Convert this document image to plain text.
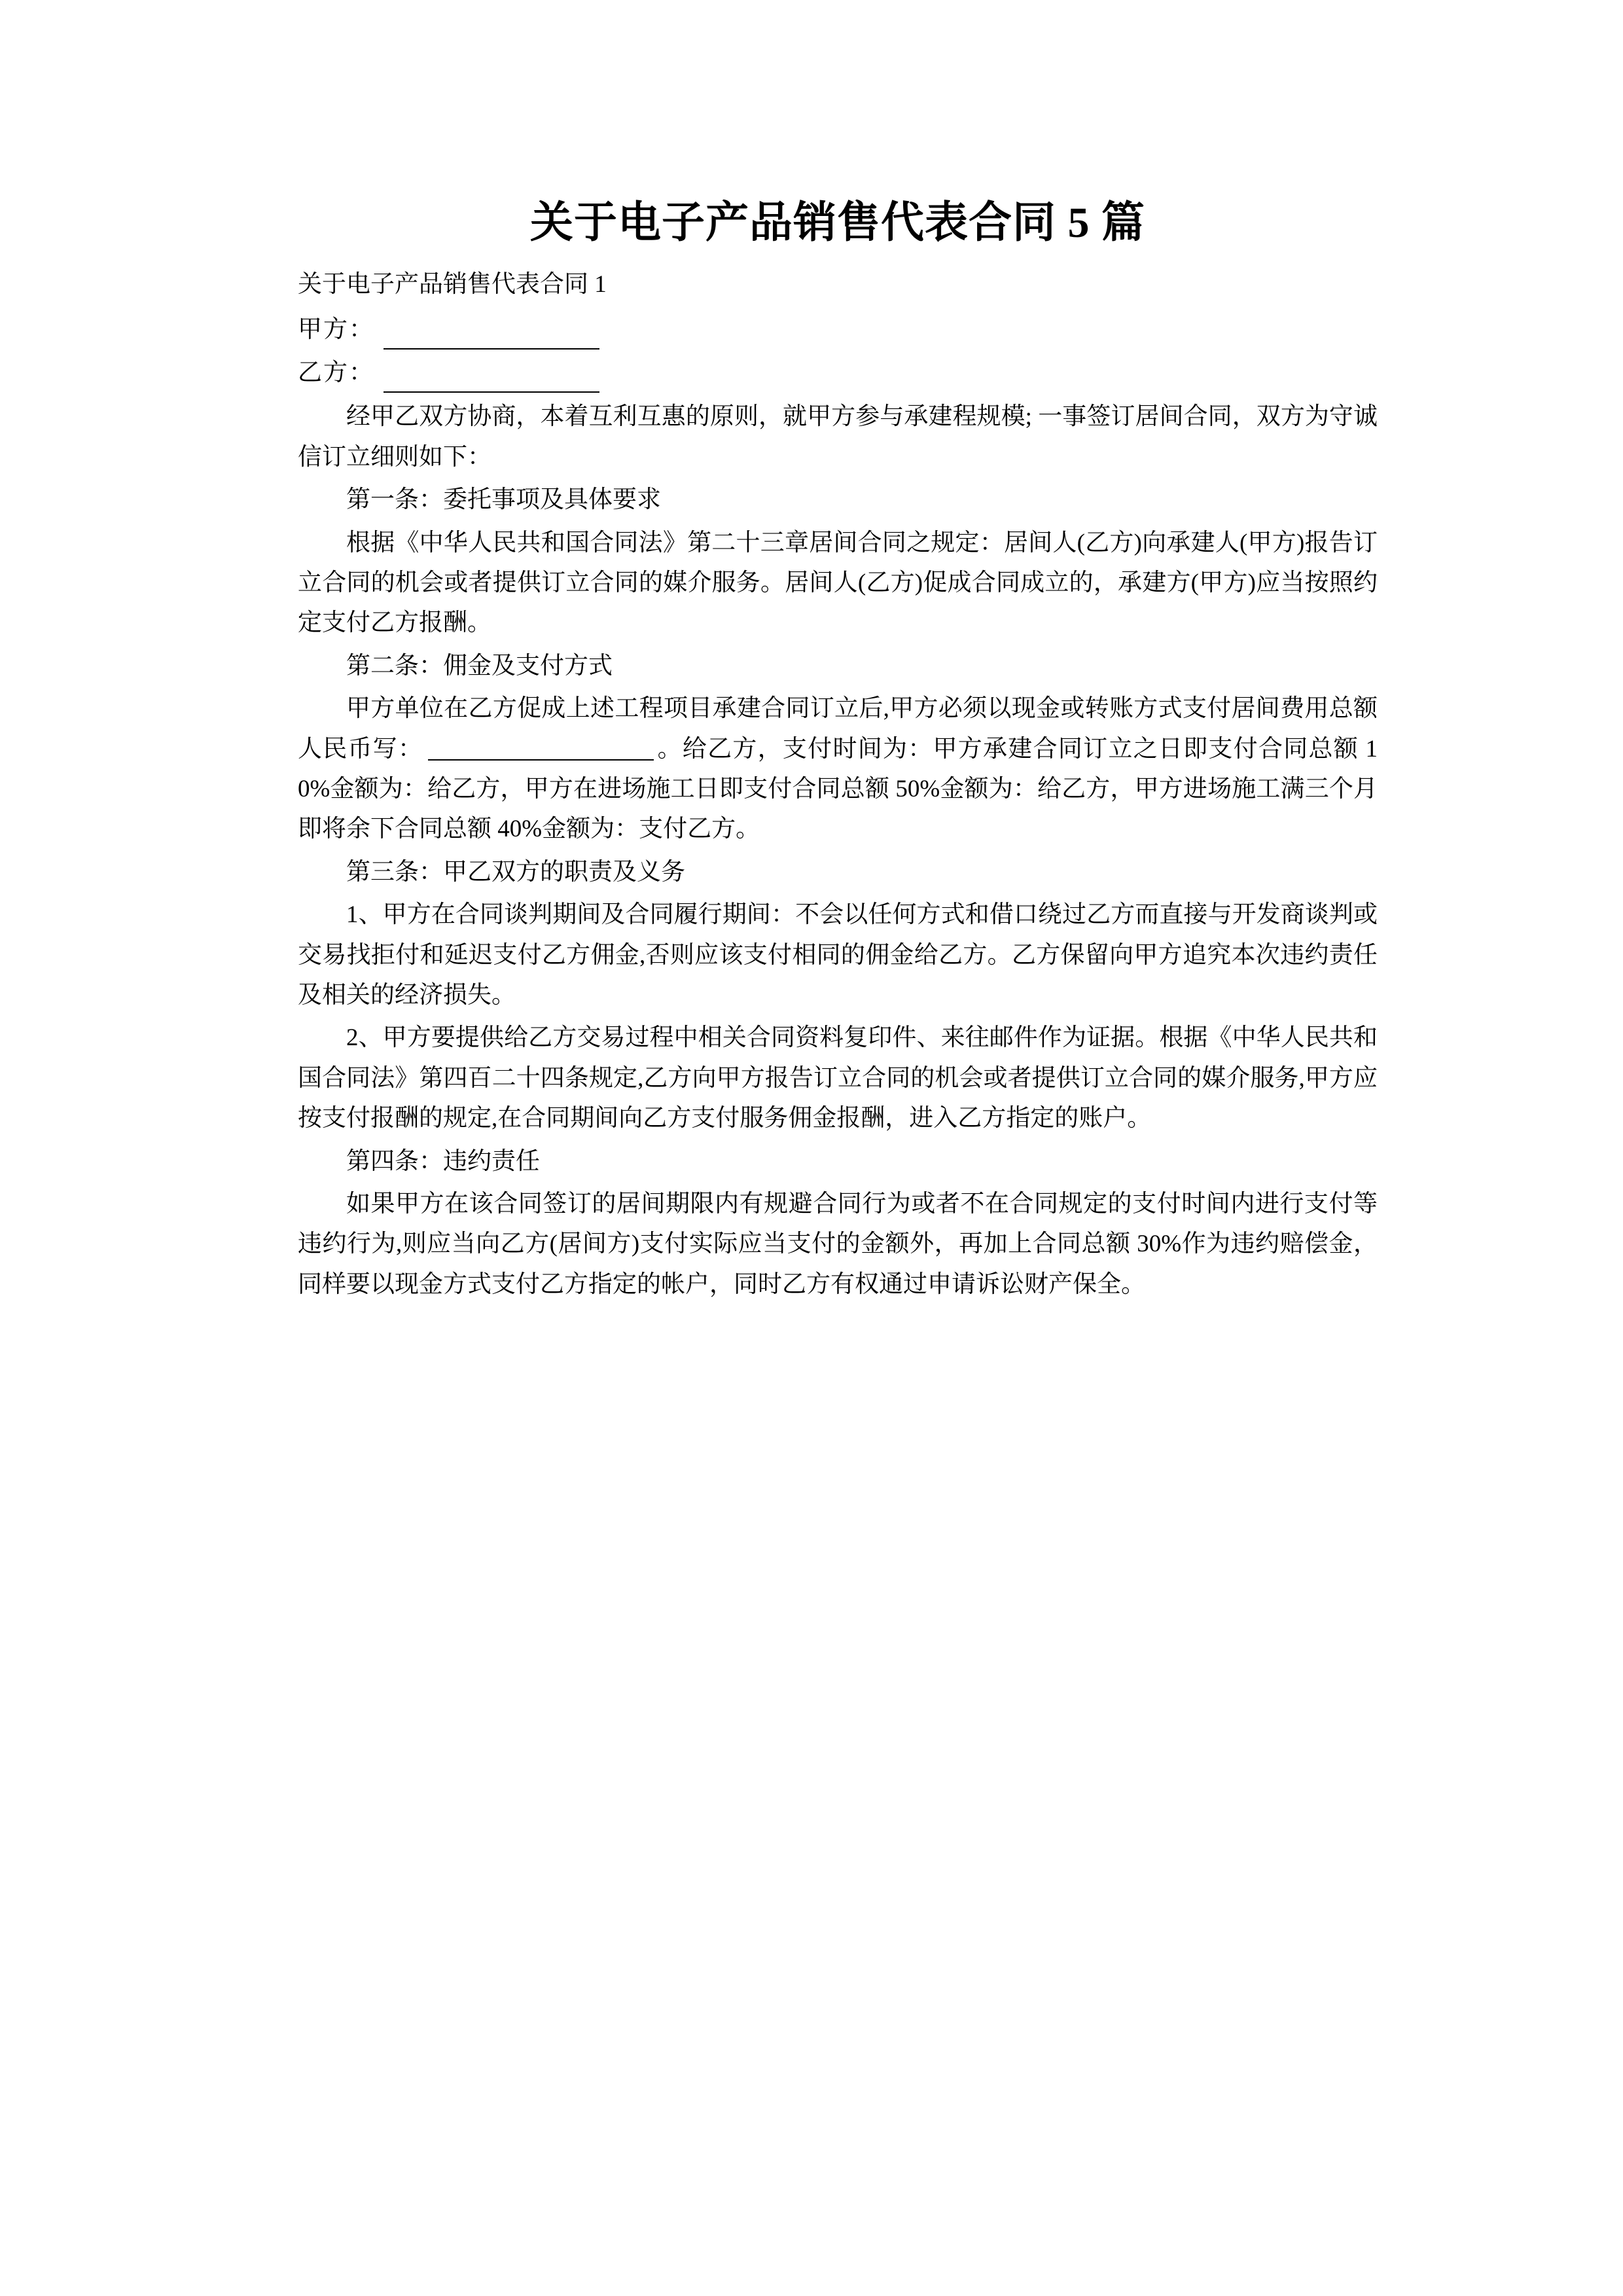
关于电子产品销售代表合同 5 篇

关于电子产品销售代表合同 1

甲方：
乙方：

经甲乙双方协商，本着互利互惠的原则，就甲方参与承建程规模; 一事签订居间合同，双方为守诚信订立细则如下：

第一条：委托事项及具体要求

根据《中华人民共和国合同法》第二十三章居间合同之规定：居间人(乙方)向承建人(甲方)报告订立合同的机会或者提供订立合同的媒介服务。居间人(乙方)促成合同成立的，承建方(甲方)应当按照约定支付乙方报酬。

第二条：佣金及支付方式

甲方单位在乙方促成上述工程项目承建合同订立后,甲方必须以现金或转账方式支付居间费用总额人民币写：	。给乙方，支付时间为：甲方承建合同订立之日即支付合同总额 10%金额为：给乙方，甲方在进场施工日即支付合同总额 50%金额为：给乙方，甲方进场施工满三个月即将余下合同总额 40%金额为：支付乙方。

第三条：甲乙双方的职责及义务

1、甲方在合同谈判期间及合同履行期间：不会以任何方式和借口绕过乙方而直接与开发商谈判或交易找拒付和延迟支付乙方佣金,否则应该支付相同的佣金给乙方。乙方保留向甲方追究本次违约责任及相关的经济损失。

2、甲方要提供给乙方交易过程中相关合同资料复印件、来往邮件作为证据。根据《中华人民共和国合同法》第四百二十四条规定,乙方向甲方报告订立合同的机会或者提供订立合同的媒介服务,甲方应按支付报酬的规定,在合同期间向乙方支付服务佣金报酬，进入乙方指定的账户。

第四条：违约责任

如果甲方在该合同签订的居间期限内有规避合同行为或者不在合同规定的支付时间内进行支付等违约行为,则应当向乙方(居间方)支付实际应当支付的金额外，再加上合同总额 30%作为违约赔偿金，同样要以现金方式支付乙方指定的帐户，同时乙方有权通过申请诉讼财产保全。
